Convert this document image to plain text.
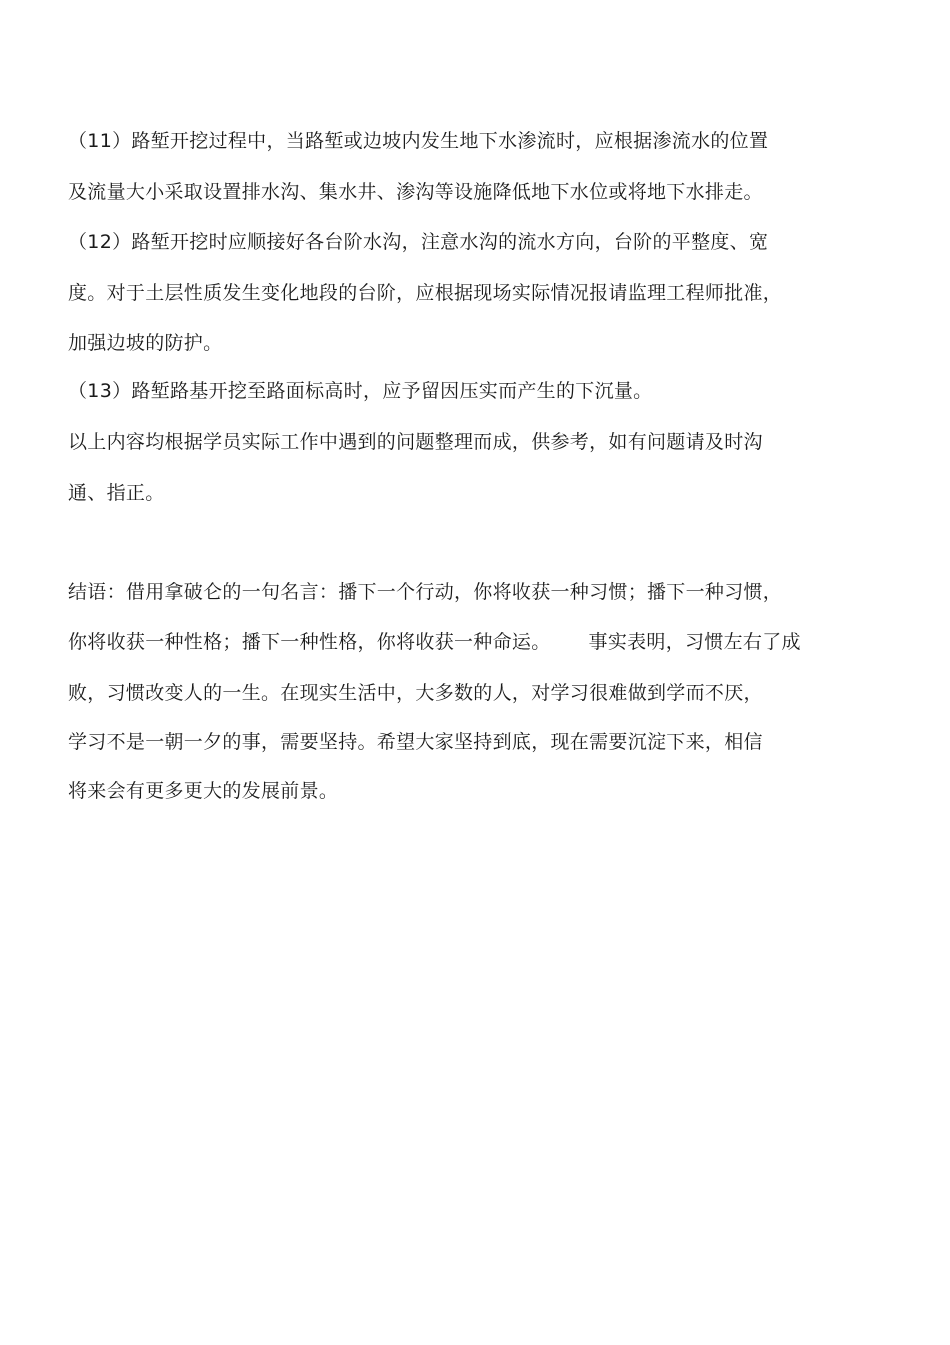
（11）路堑开挖过程中，当路堑或边坡内发生地下水渗流时，应根据渗流水的位置
及流量大小采取设置排水沟、集水井、渗沟等设施降低地下水位或将地下水排走。
（12）路堑开挖时应顺接好各台阶水沟，注意水沟的流水方向，台阶的平整度、宽
度。对于土层性质发生变化地段的台阶，应根据现场实际情况报请监理工程师批准，
加强边坡的防护。
（13）路堑路基开挖至路面标高时，应予留因压实而产生的下沉量。
以上内容均根据学员实际工作中遇到的问题整理而成，供参考，如有问题请及时沟
通、指正。
结语：借用拿破仑的一句名言：播下一个行动，你将收获一种习惯；播下一种习惯，
你将收获一种性格；播下一种性格，你将收获一种命运。 事实表明，习惯左右了成
败，习惯改变人的一生。在现实生活中，大多数的人，对学习很难做到学而不厌，
学习不是一朝一夕的事，需要坚持。希望大家坚持到底，现在需要沉淀下来，相信
将来会有更多更大的发展前景。
